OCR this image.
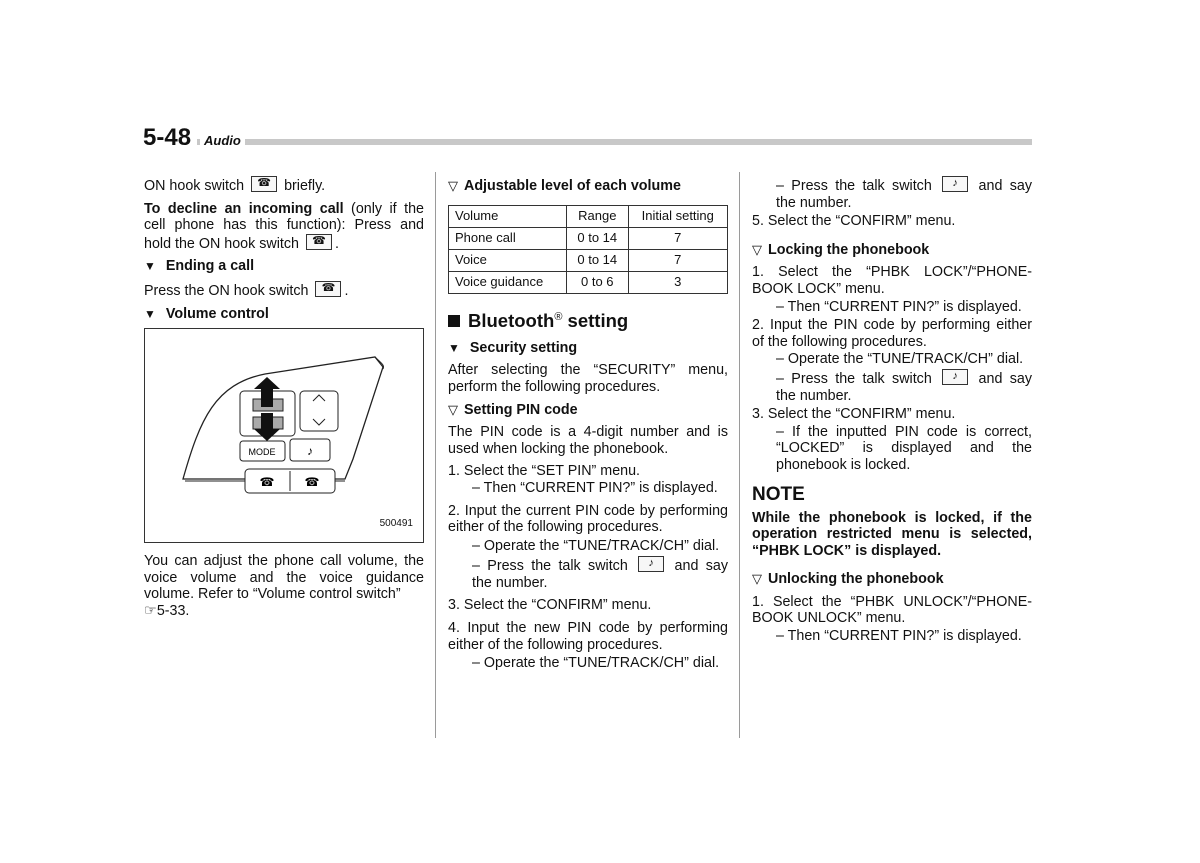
5-48 Audio

ON hook switch	☎ briefly.

To decline an incoming call (only if the cell phone has this function): Press and hold the ON hook switch	☎ .

▼ Ending a call

Press the ON hook switch	☎ .

▼ Volume control
MODE	♪
☎	☎
500491

You can adjust the phone call volume, the voice volume and the voice guidance volume. Refer to “Volume control switch”

☞5-33.

▽ Adjustable level of each volume
Volume	Range	Initial setting
Phone call	0 to 14	7
Voice	0 to 14	7
Voice guidance	0 to 6	3
Bluetooth® setting
▼ Security setting

After selecting the “SECURITY” menu, perform the following procedures.

▽ Setting PIN code

The PIN code is a 4-digit number and is used when locking the phonebook.

1. Select the “SET PIN” menu.

– Then “CURRENT PIN?” is displayed.

2. Input the current PIN code by performing either of the following procedures.

– Operate the “TUNE/TRACK/CH” dial.

– Press the talk switch	♪	and say the number.

3. Select the “CONFIRM” menu.

4. Input the new PIN code by performing either of the following procedures.

– Operate the “TUNE/TRACK/CH” dial.

– Press the talk switch	♪	and say the number.

5. Select the “CONFIRM” menu.

▽ Locking the phonebook

1. Select the “PHBK LOCK”/“PHONE-BOOK LOCK” menu.

– Then “CURRENT PIN?” is displayed.

2. Input the PIN code by performing either of the following procedures.

– Operate the “TUNE/TRACK/CH” dial.

– Press the talk switch	♪	and say the number.

3. Select the “CONFIRM” menu.

– If the inputted PIN code is correct, “LOCKED” is displayed and the phonebook is locked.

NOTE

While the phonebook is locked, if the operation restricted menu is selected, “PHBK LOCK” is displayed.

▽ Unlocking the phonebook

1. Select the “PHBK UNLOCK”/“PHONE-BOOK UNLOCK” menu.

– Then “CURRENT PIN?” is displayed.
